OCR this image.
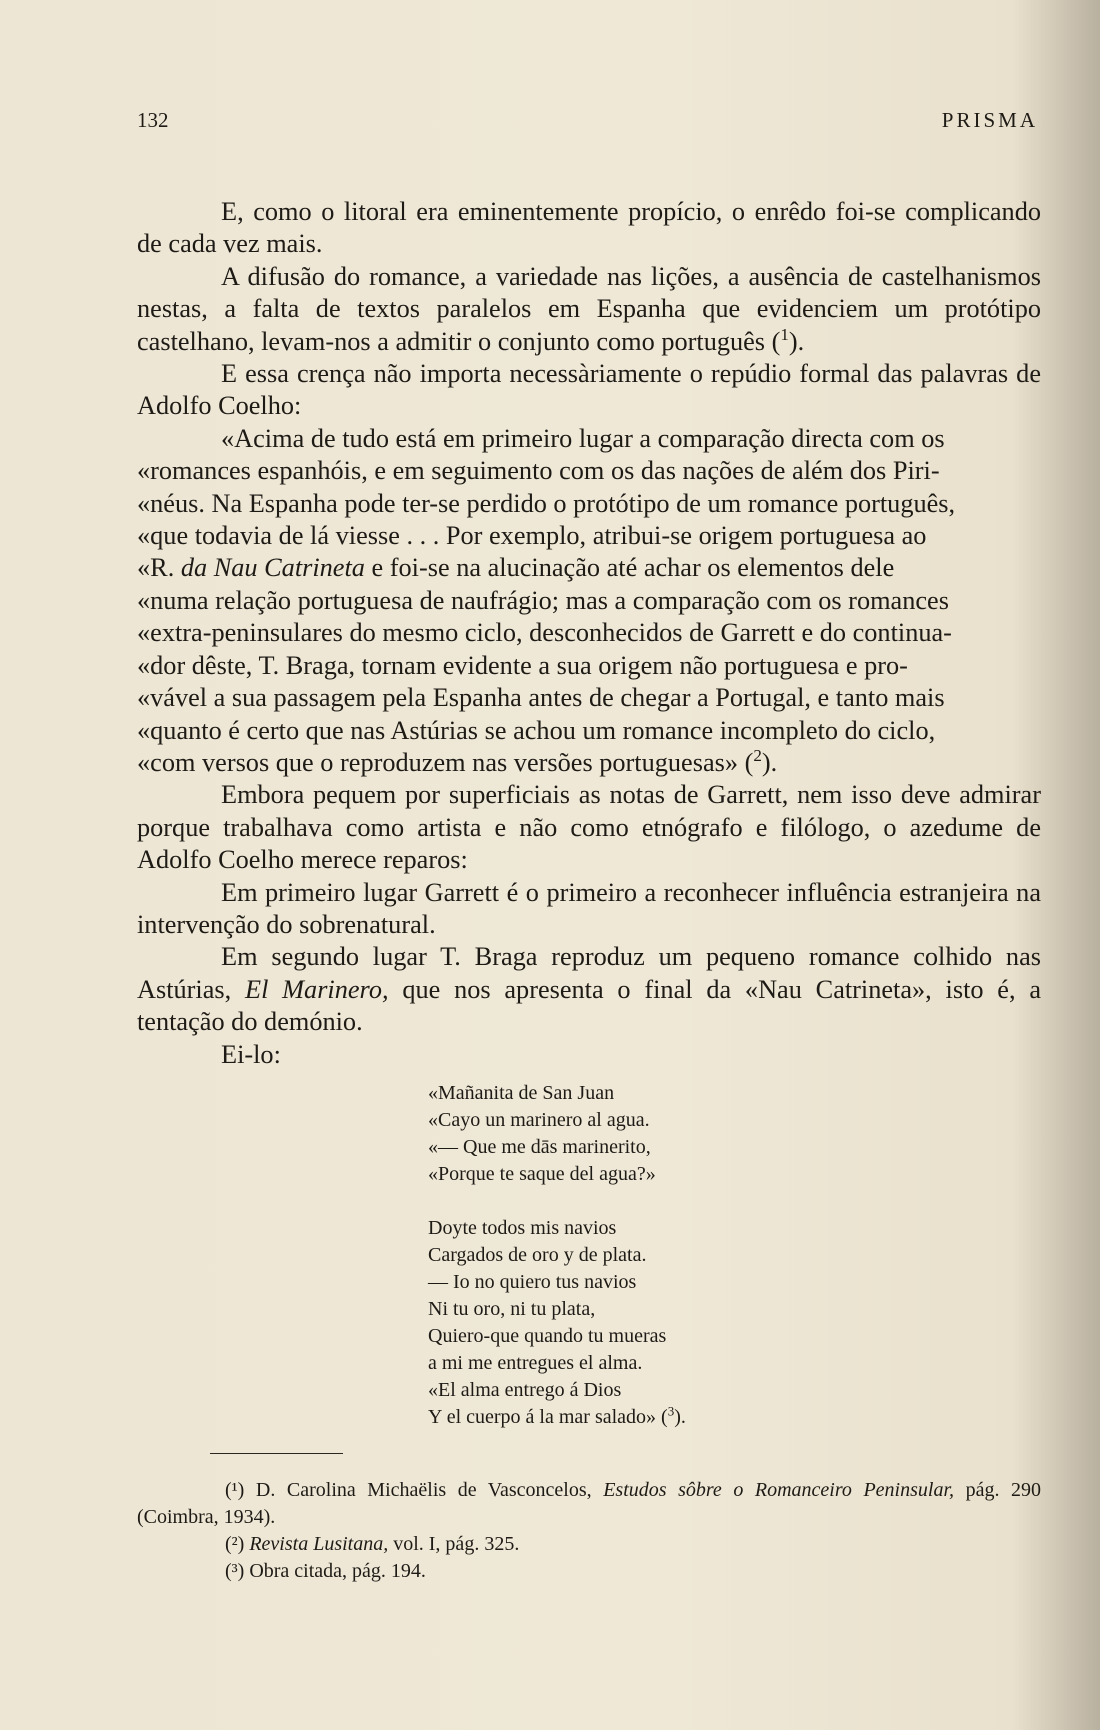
132	PRISMA

E, como o litoral era eminentemente propício, o enrêdo foi-se complicando de cada vez mais.

A difusão do romance, a variedade nas lições, a ausência de castelhanismos nestas, a falta de textos paralelos em Espanha que evidenciem um protótipo castelhano, levam-nos a admitir o conjunto como português ($^1$).

E essa crença não importa necessàriamente o repúdio formal das palavras de Adolfo Coelho:

«Acima de tudo está em primeiro lugar a comparação directa com os

«romances espanhóis, e em seguimento com os das nações de além dos Piri-

«néus. Na Espanha pode ter-se perdido o protótipo de um romance português,

«que todavia de lá viesse . . . Por exemplo, atribui-se origem portuguesa ao

«R. da Nau Catrineta e foi-se na alucinação até achar os elementos dele

«numa relação portuguesa de naufrágio; mas a comparação com os romances

«extra-peninsulares do mesmo ciclo, desconhecidos de Garrett e do continua-

«dor dêste, T. Braga, tornam evidente a sua origem não portuguesa e pro-

«vável a sua passagem pela Espanha antes de chegar a Portugal, e tanto mais

«quanto é certo que nas Astúrias se achou um romance incompleto do ciclo,

«com versos que o reproduzem nas versões portuguesas» ($^2$).

Embora pequem por superficiais as notas de Garrett, nem isso deve admirar porque trabalhava como artista e não como etnógrafo e filólogo, o azedume de Adolfo Coelho merece reparos:

Em primeiro lugar Garrett é o primeiro a reconhecer influência estranjeira na intervenção do sobrenatural.

Em segundo lugar T. Braga reproduz um pequeno romance colhido nas Astúrias, El Marinero, que nos apresenta o final da «Nau Catrineta», isto é, a tentação do demónio.

Ei-lo:

«Mañanita de San Juan
«Cayo un marinero al agua.
«— Que me dās marinerito,
«Porque te saque del agua?»
Doyte todos mis navios
Cargados de oro y de plata.
— Io no quiero tus navios
Ni tu oro, ni tu plata,
Quiero-que quando tu mueras
a mi me entregues el alma.
«El alma entrego á Dios
Y el cuerpo á la mar salado» ($^3$).

(¹) D. Carolina Michaëlis de Vasconcelos, Estudos sôbre o Romanceiro Peninsular, pág. 290 (Coimbra, 1934).

(²) Revista Lusitana, vol. I, pág. 325.

(³) Obra citada, pág. 194.
